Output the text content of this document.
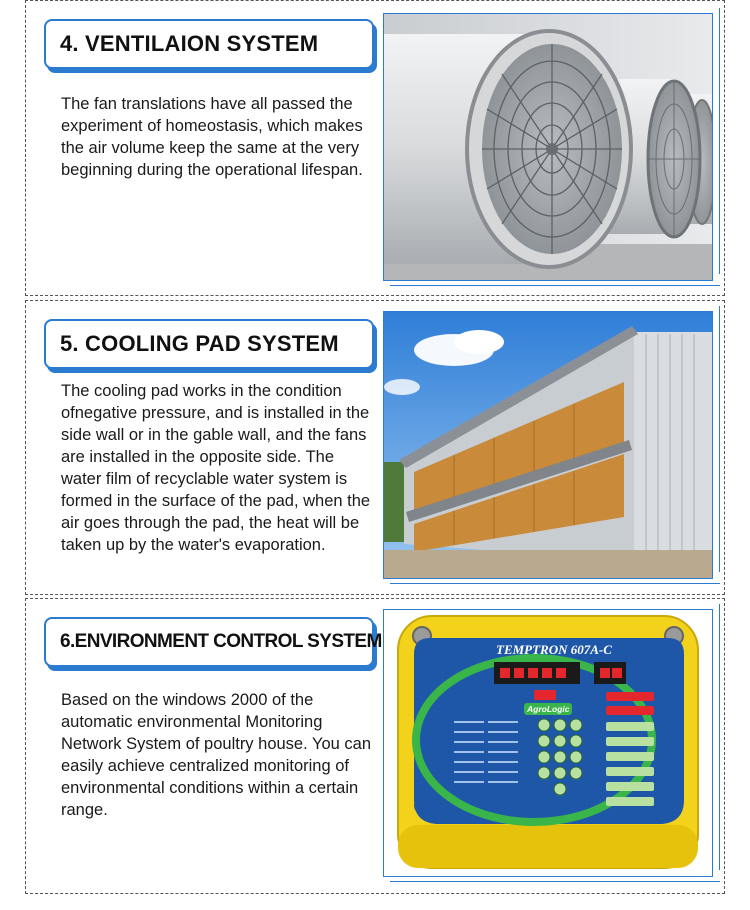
4. VENTILAION SYSTEM

The fan translations have all passed the experiment of homeostasis, which makes the air volume keep the same at the very beginning during the operational lifespan.

5. COOLING PAD SYSTEM

The cooling pad works in the condition ofnegative pressure, and is installed in the side wall or in the gable wall, and the fans are installed in the opposite side. The water film of recyclable water system is formed in the surface of the pad, when the air goes through the pad, the heat will be taken up by the water's evaporation.

6.ENVIRONMENT CONTROL SYSTEM

Based on the windows 2000 of the automatic environmental Monitoring Network System of poultry house. You can easily achieve centralized monitoring of environmental conditions within a certain range.

TEMPTRON 607A-C
AgroLogic
